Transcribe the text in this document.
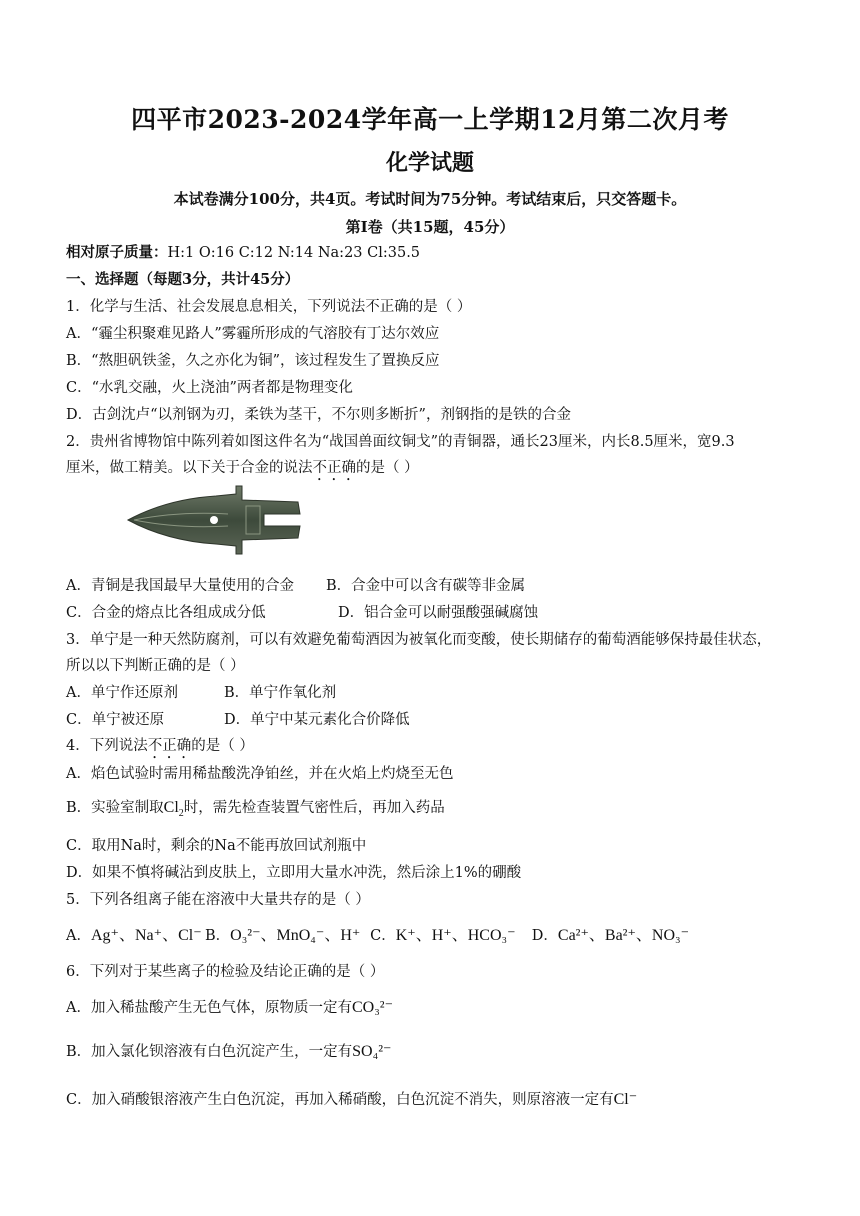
四平市2023-2024学年高一上学期12月第二次月考
化学试题
本试卷满分100分，共4页。考试时间为75分钟。考试结束后，只交答题卡。
第I卷（共15题，45分）
相对原子质量：H:1 O:16 C:12 N:14 Na:23 Cl:35.5
一、选择题（每题3分，共计45分）
1．化学与生活、社会发展息息相关，下列说法不正确的是（ ）
A．“霾尘积聚难见路人”雾霾所形成的气溶胶有丁达尔效应
B．“熬胆矾铁釜，久之亦化为铜”，该过程发生了置换反应
C．“水乳交融，火上浇油”两者都是物理变化
D．古剑沈卢“以剂钢为刃，柔铁为茎干，不尔则多断折”，剂钢指的是铁的合金
2．贵州省博物馆中陈列着如图这件名为“战国兽面纹铜戈”的青铜器，通长23厘米，内长8.5厘米，宽9.3
厘米，做工精美。以下关于合金的说法不正确的是（ ）
A．青铜是我国最早大量使用的合金 B．合金中可以含有碳等非金属
C．合金的熔点比各组成成分低	D．铝合金可以耐强酸强碱腐蚀
3．单宁是一种天然防腐剂，可以有效避免葡萄酒因为被氧化而变酸，使长期储存的葡萄酒能够保持最佳状态，
所以以下判断正确的是（ ）
A．单宁作还原剂	B．单宁作氧化剂
C．单宁被还原	D．单宁中某元素化合价降低
4．下列说法不正确的是（ ）
A．焰色试验时需用稀盐酸洗净铂丝，并在火焰上灼烧至无色
B．实验室制取$Cl_2$时，需先检查装置气密性后，再加入药品
C．取用Na时，剩余的Na不能再放回试剂瓶中
D．如果不慎将碱沾到皮肤上，立即用大量水冲洗，然后涂上1%的硼酸
5．下列各组离子能在溶液中大量共存的是（ ）
A．Ag⁺、Na⁺、Cl⁻ B．O₃²⁻、MnO₄⁻、H⁺ C．K⁺、H⁺、HCO₃⁻ D．Ca²⁺、Ba²⁺、NO₃⁻
6．下列对于某些离子的检验及结论正确的是（ ）
A．加入稀盐酸产生无色气体，原物质一定有CO₃²⁻
B．加入氯化钡溶液有白色沉淀产生，一定有SO₄²⁻
C．加入硝酸银溶液产生白色沉淀，再加入稀硝酸，白色沉淀不消失，则原溶液一定有Cl⁻
